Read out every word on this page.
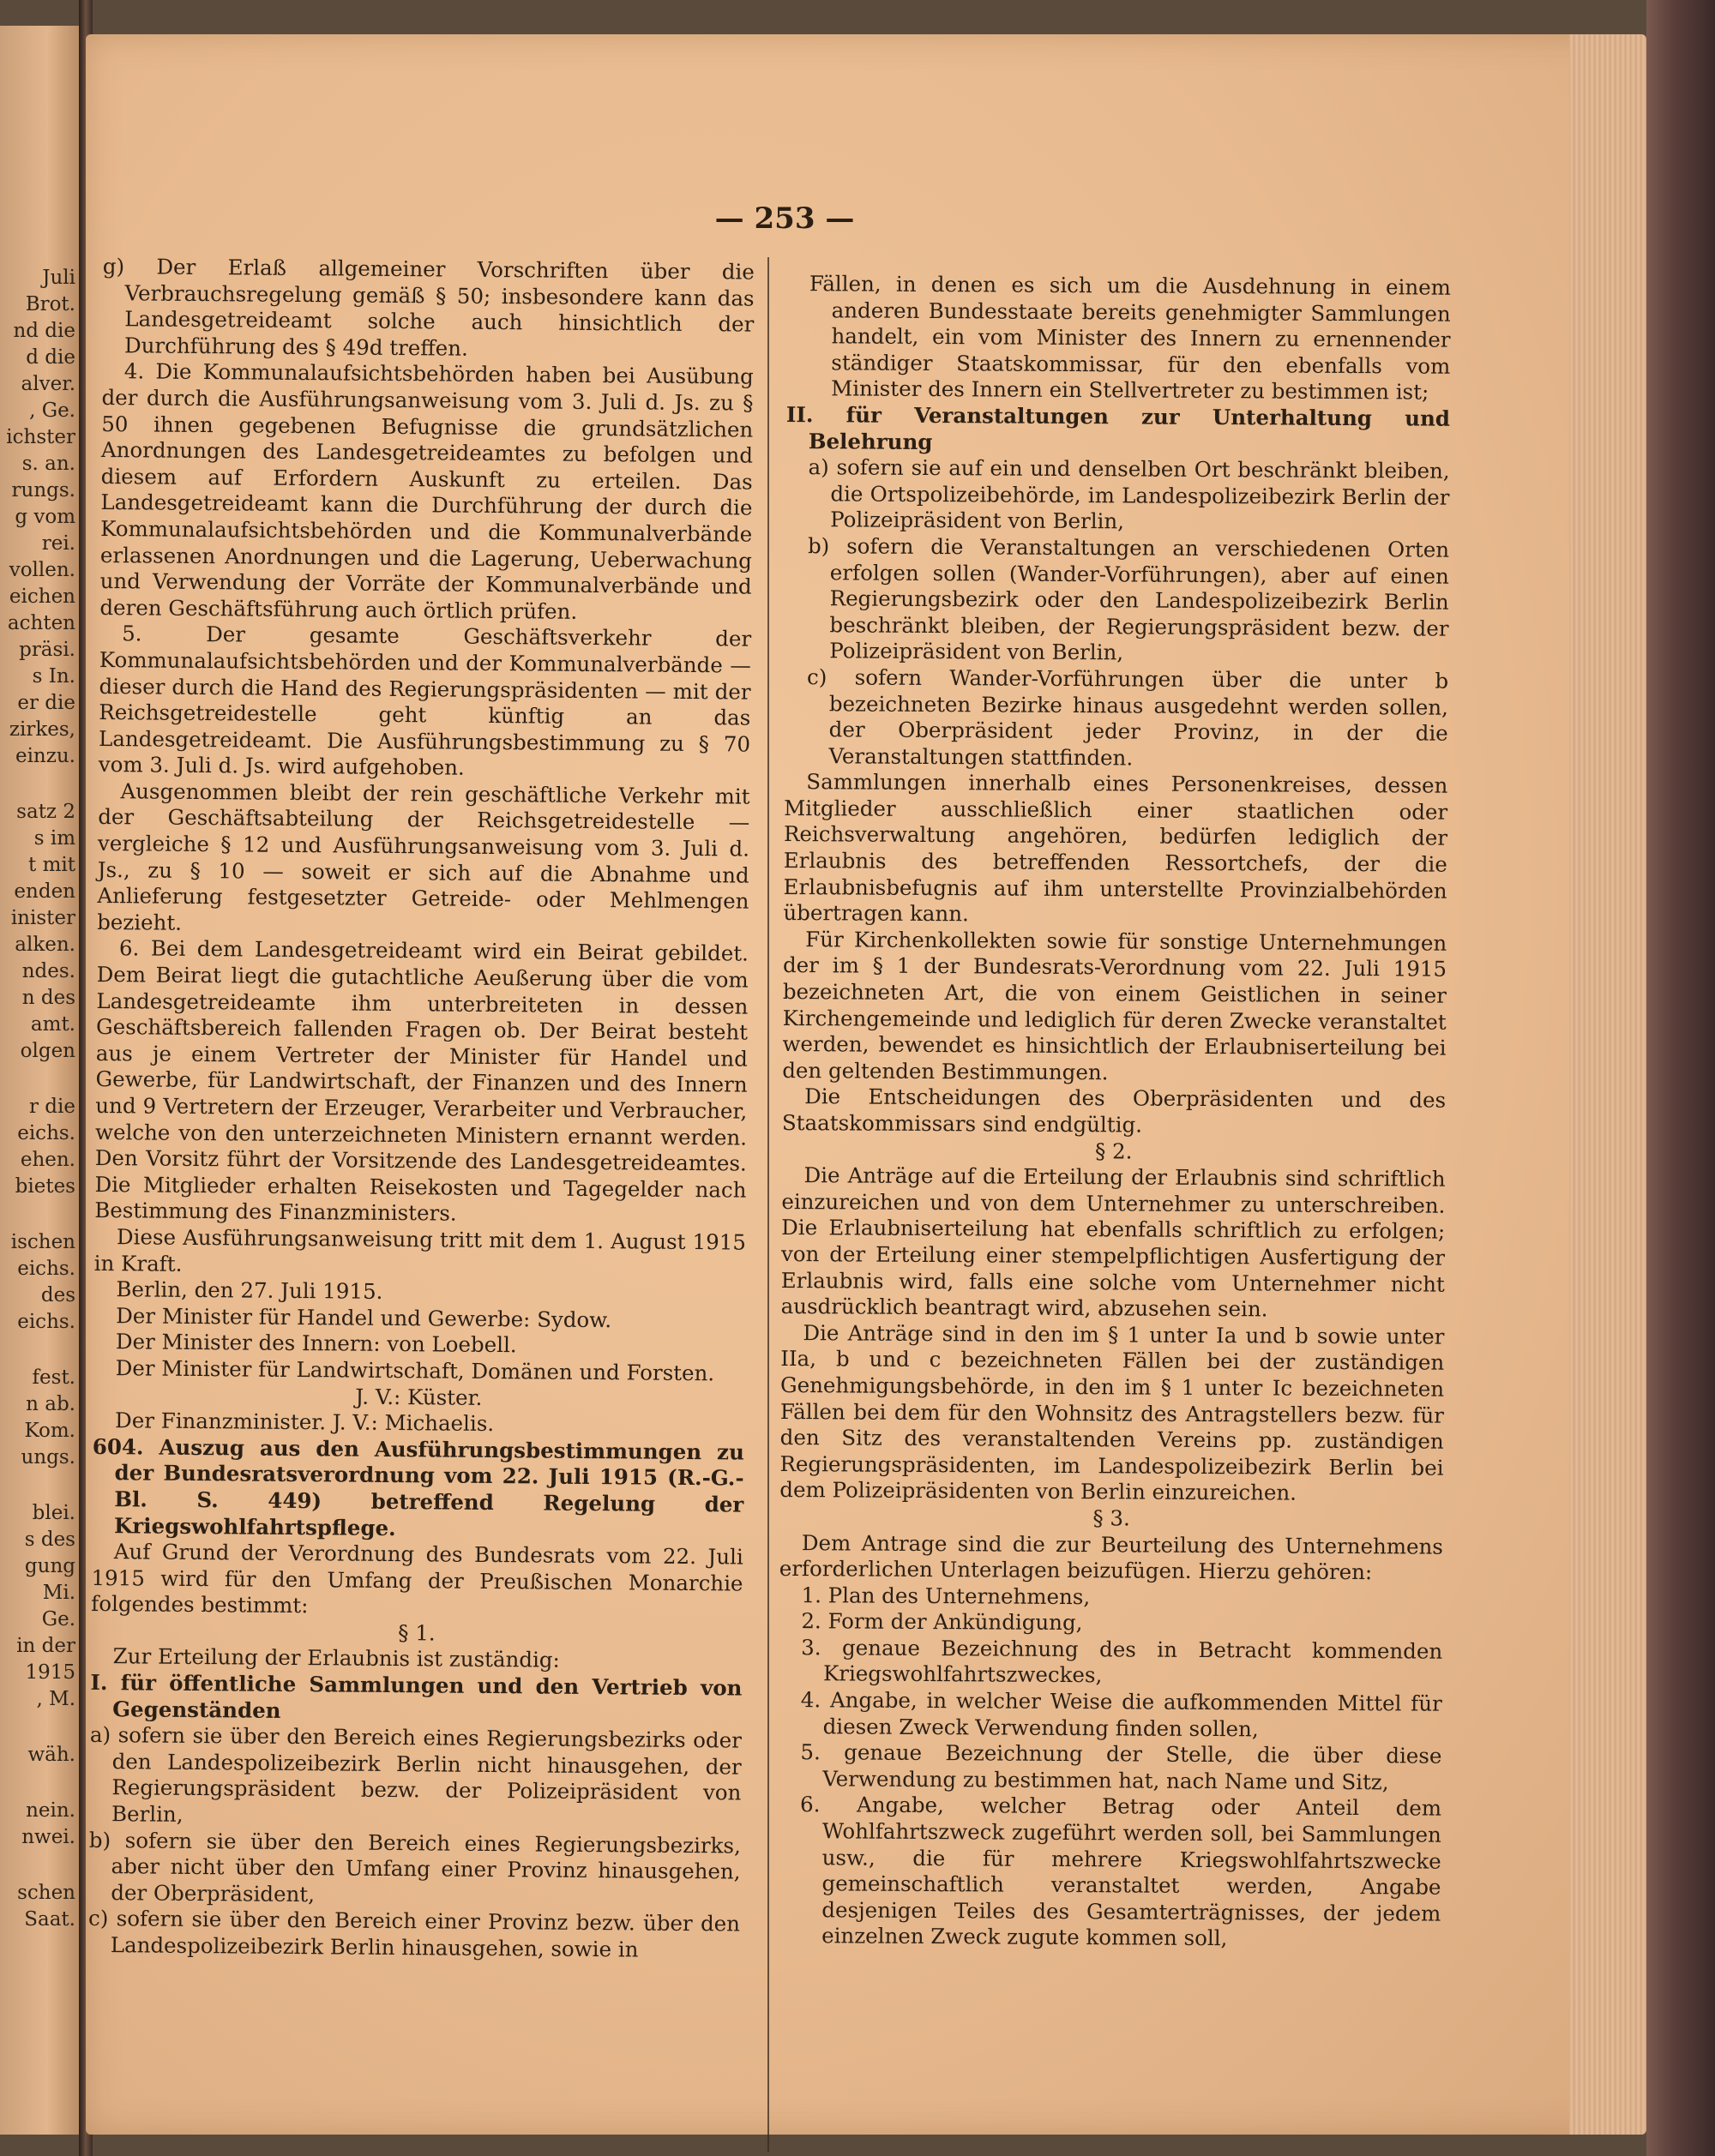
Juli
Brot.
nd die
d die
alver.
, Ge.
ichster
s. an.
rungs.
g vom
rei.
vollen.
eichen
achten
präsi.
s In.
er die
zirkes,
einzu.
satz 2
s im
t mit
enden
inister
alken.
ndes.
n des
amt.
olgen
r die
eichs.
ehen.
bietes
ischen
eichs.
des
eichs.
fest.
n ab.
Kom.
ungs.
blei.
s des
gung
Mi.
Ge.
in der
1915
, M.
wäh.
nein.
nwei.
schen
Saat.
— 253 —

g) Der Erlaß allgemeiner Vorschriften über die Verbrauchsregelung gemäß § 50; insbesondere kann das Landesgetreideamt solche auch hinsichtlich der Durchführung des § 49d treffen.

4. Die Kommunalaufsichtsbehörden haben bei Ausübung der durch die Ausführungsanweisung vom 3. Juli d. Js. zu § 50 ihnen gegebenen Befugnisse die grundsätzlichen Anordnungen des Landesgetreideamtes zu befolgen und diesem auf Erfordern Auskunft zu erteilen. Das Landesgetreideamt kann die Durchführung der durch die Kommunalaufsichtsbehörden und die Kommunalverbände erlassenen Anordnungen und die Lagerung, Ueberwachung und Verwendung der Vorräte der Kommunalverbände und deren Geschäftsführung auch örtlich prüfen.

5. Der gesamte Geschäftsverkehr der Kommunalaufsichtsbehörden und der Kommunalverbände — dieser durch die Hand des Regierungspräsidenten — mit der Reichsgetreidestelle geht künftig an das Landesgetreideamt. Die Ausführungsbestimmung zu § 70 vom 3. Juli d. Js. wird aufgehoben.

Ausgenommen bleibt der rein geschäftliche Verkehr mit der Geschäftsabteilung der Reichsgetreidestelle — vergleiche § 12 und Ausführungsanweisung vom 3. Juli d. Js., zu § 10 — soweit er sich auf die Abnahme und Anlieferung festgesetzter Getreide- oder Mehlmengen bezieht.

6. Bei dem Landesgetreideamt wird ein Beirat gebildet. Dem Beirat liegt die gutachtliche Aeußerung über die vom Landesgetreideamte ihm unterbreiteten in dessen Geschäftsbereich fallenden Fragen ob. Der Beirat besteht aus je einem Vertreter der Minister für Handel und Gewerbe, für Landwirtschaft, der Finanzen und des Innern und 9 Vertretern der Erzeuger, Verarbeiter und Verbraucher, welche von den unterzeichneten Ministern ernannt werden. Den Vorsitz führt der Vorsitzende des Landesgetreideamtes. Die Mitglieder erhalten Reisekosten und Tagegelder nach Bestimmung des Finanzministers.

Diese Ausführungsanweisung tritt mit dem 1. August 1915 in Kraft.

Berlin, den 27. Juli 1915.

Der Minister für Handel und Gewerbe: Sydow.

Der Minister des Innern: von Loebell.

Der Minister für Landwirtschaft, Domänen und Forsten.

J. V.: Küster.

Der Finanzminister. J. V.: Michaelis.

604. Auszug aus den Ausführungsbestimmungen zu der Bundesratsverordnung vom 22. Juli 1915 (R.-G.-Bl. S. 449) betreffend Regelung der Kriegswohlfahrtspflege.

Auf Grund der Verordnung des Bundesrats vom 22. Juli 1915 wird für den Umfang der Preußischen Monarchie folgendes bestimmt:

§ 1.

Zur Erteilung der Erlaubnis ist zuständig:

I. für öffentliche Sammlungen und den Vertrieb von Gegenständen

a) sofern sie über den Bereich eines Regierungsbezirks oder den Landespolizeibezirk Berlin nicht hinausgehen, der Regierungspräsident bezw. der Polizeipräsident von Berlin,

b) sofern sie über den Bereich eines Regierungsbezirks, aber nicht über den Umfang einer Provinz hinausgehen, der Oberpräsident,

c) sofern sie über den Bereich einer Provinz bezw. über den Landespolizeibezirk Berlin hinausgehen, sowie in

Fällen, in denen es sich um die Ausdehnung in einem anderen Bundesstaate bereits genehmigter Sammlungen handelt, ein vom Minister des Innern zu ernennender ständiger Staatskommissar, für den ebenfalls vom Minister des Innern ein Stellvertreter zu bestimmen ist;

II. für Veranstaltungen zur Unterhaltung und Belehrung

a) sofern sie auf ein und denselben Ort beschränkt bleiben, die Ortspolizeibehörde, im Landespolizeibezirk Berlin der Polizeipräsident von Berlin,

b) sofern die Veranstaltungen an verschiedenen Orten erfolgen sollen (Wander-Vorführungen), aber auf einen Regierungsbezirk oder den Landespolizeibezirk Berlin beschränkt bleiben, der Regierungspräsident bezw. der Polizeipräsident von Berlin,

c) sofern Wander-Vorführungen über die unter b bezeichneten Bezirke hinaus ausgedehnt werden sollen, der Oberpräsident jeder Provinz, in der die Veranstaltungen stattfinden.

Sammlungen innerhalb eines Personenkreises, dessen Mitglieder ausschließlich einer staatlichen oder Reichsverwaltung angehören, bedürfen lediglich der Erlaubnis des betreffenden Ressortchefs, der die Erlaubnisbefugnis auf ihm unterstellte Provinzialbehörden übertragen kann.

Für Kirchenkollekten sowie für sonstige Unternehmungen der im § 1 der Bundesrats-Verordnung vom 22. Juli 1915 bezeichneten Art, die von einem Geistlichen in seiner Kirchengemeinde und lediglich für deren Zwecke veranstaltet werden, bewendet es hinsichtlich der Erlaubniserteilung bei den geltenden Bestimmungen.

Die Entscheidungen des Oberpräsidenten und des Staatskommissars sind endgültig.

§ 2.

Die Anträge auf die Erteilung der Erlaubnis sind schriftlich einzureichen und von dem Unternehmer zu unterschreiben. Die Erlaubniserteilung hat ebenfalls schriftlich zu erfolgen; von der Erteilung einer stempelpflichtigen Ausfertigung der Erlaubnis wird, falls eine solche vom Unternehmer nicht ausdrücklich beantragt wird, abzusehen sein.

Die Anträge sind in den im § 1 unter Ia und b sowie unter IIa, b und c bezeichneten Fällen bei der zuständigen Genehmigungsbehörde, in den im § 1 unter Ic bezeichneten Fällen bei dem für den Wohnsitz des Antragstellers bezw. für den Sitz des veranstaltenden Vereins pp. zuständigen Regierungspräsidenten, im Landespolizeibezirk Berlin bei dem Polizeipräsidenten von Berlin einzureichen.

§ 3.

Dem Antrage sind die zur Beurteilung des Unternehmens erforderlichen Unterlagen beizufügen. Hierzu gehören:

1. Plan des Unternehmens,

2. Form der Ankündigung,

3. genaue Bezeichnung des in Betracht kommenden Kriegswohlfahrtszweckes,

4. Angabe, in welcher Weise die aufkommenden Mittel für diesen Zweck Verwendung finden sollen,

5. genaue Bezeichnung der Stelle, die über diese Verwendung zu bestimmen hat, nach Name und Sitz,

6. Angabe, welcher Betrag oder Anteil dem Wohlfahrtszweck zugeführt werden soll, bei Sammlungen usw., die für mehrere Kriegswohlfahrtszwecke gemeinschaftlich veranstaltet werden, Angabe desjenigen Teiles des Gesamterträgnisses, der jedem einzelnen Zweck zugute kommen soll,
